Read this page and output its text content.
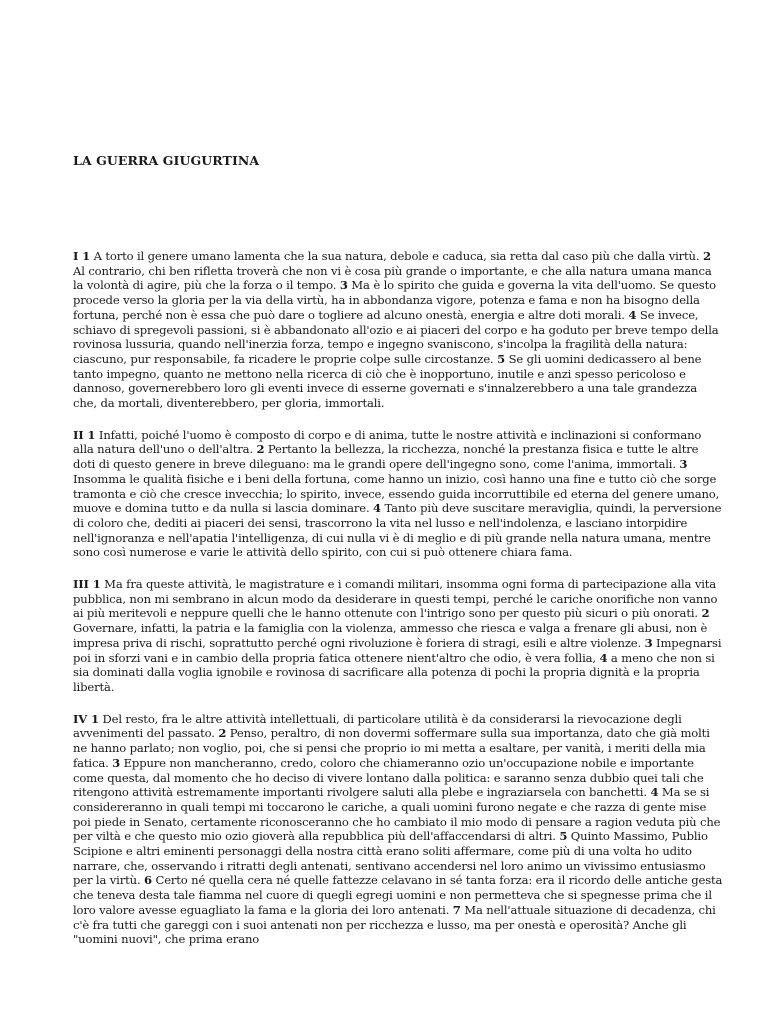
LA GUERRA GIUGURTINA

I 1 A torto il genere umano lamenta che la sua natura, debole e caduca, sia retta dal caso più che dalla virtù. 2 Al contrario, chi ben rifletta troverà che non vi è cosa più grande o importante, e che alla natura umana manca la volontà di agire, più che la forza o il tempo. 3 Ma è lo spirito che guida e governa la vita dell'uomo. Se questo procede verso la gloria per la via della virtù, ha in abbondanza vigore, potenza e fama e non ha bisogno della fortuna, perché non è essa che può dare o togliere ad alcuno onestà, energia e altre doti morali. 4 Se invece, schiavo di spregevoli passioni, si è abbandonato all'ozio e ai piaceri del corpo e ha goduto per breve tempo della rovinosa lussuria, quando nell'inerzia forza, tempo e ingegno svaniscono, s'incolpa la fragilità della natura: ciascuno, pur responsabile, fa ricadere le proprie colpe sulle circostanze. 5 Se gli uomini dedicassero al bene tanto impegno, quanto ne mettono nella ricerca di ciò che è inopportuno, inutile e anzi spesso pericoloso e dannoso, governerebbero loro gli eventi invece di esserne governati e s'innalzerebbero a una tale grandezza che, da mortali, diventerebbero, per gloria, immortali.

II 1 Infatti, poiché l'uomo è composto di corpo e di anima, tutte le nostre attività e inclinazioni si conformano alla natura dell'uno o dell'altra. 2 Pertanto la bellezza, la ricchezza, nonché la prestanza fisica e tutte le altre doti di questo genere in breve dileguano: ma le grandi opere dell'ingegno sono, come l'anima, immortali. 3 Insomma le qualità fisiche e i beni della fortuna, come hanno un inizio, così hanno una fine e tutto ciò che sorge tramonta e ciò che cresce invecchia; lo spirito, invece, essendo guida incorruttibile ed eterna del genere umano, muove e domina tutto e da nulla si lascia dominare. 4 Tanto più deve suscitare meraviglia, quindi, la perversione di coloro che, dediti ai piaceri dei sensi, trascorrono la vita nel lusso e nell'indolenza, e lasciano intorpidire nell'ignoranza e nell'apatia l'intelligenza, di cui nulla vi è di meglio e di più grande nella natura umana, mentre sono così numerose e varie le attività dello spirito, con cui si può ottenere chiara fama.

III 1 Ma fra queste attività, le magistrature e i comandi militari, insomma ogni forma di partecipazione alla vita pubblica, non mi sembrano in alcun modo da desiderare in questi tempi, perché le cariche onorifiche non vanno ai più meritevoli e neppure quelli che le hanno ottenute con l'intrigo sono per questo più sicuri o più onorati. 2 Governare, infatti, la patria e la famiglia con la violenza, ammesso che riesca e valga a frenare gli abusi, non è impresa priva di rischi, soprattutto perché ogni rivoluzione è foriera di stragi, esili e altre violenze. 3 Impegnarsi poi in sforzi vani e in cambio della propria fatica ottenere nient'altro che odio, è vera follia, 4 a meno che non si sia dominati dalla voglia ignobile e rovinosa di sacrificare alla potenza di pochi la propria dignità e la propria libertà.

IV 1 Del resto, fra le altre attività intellettuali, di particolare utilità è da considerarsi la rievocazione degli avvenimenti del passato. 2 Penso, peraltro, di non dovermi soffermare sulla sua importanza, dato che già molti ne hanno parlato; non voglio, poi, che si pensi che proprio io mi metta a esaltare, per vanità, i meriti della mia fatica. 3 Eppure non mancheranno, credo, coloro che chiameranno ozio un'occupazione nobile e importante come questa, dal momento che ho deciso di vivere lontano dalla politica: e saranno senza dubbio quei tali che ritengono attività estremamente importanti rivolgere saluti alla plebe e ingraziarsela con banchetti. 4 Ma se si considereranno in quali tempi mi toccarono le cariche, a quali uomini furono negate e che razza di gente mise poi piede in Senato, certamente riconosceranno che ho cambiato il mio modo di pensare a ragion veduta più che per viltà e che questo mio ozio gioverà alla repubblica più dell'affaccendarsi di altri. 5 Quinto Massimo, Publio Scipione e altri eminenti personaggi della nostra città erano soliti affermare, come più di una volta ho udito narrare, che, osservando i ritratti degli antenati, sentivano accendersi nel loro animo un vivissimo entusiasmo per la virtù. 6 Certo né quella cera né quelle fattezze celavano in sé tanta forza: era il ricordo delle antiche gesta che teneva desta tale fiamma nel cuore di quegli egregi uomini e non permetteva che si spegnesse prima che il loro valore avesse eguagliato la fama e la gloria dei loro antenati. 7 Ma nell'attuale situazione di decadenza, chi c'è fra tutti che gareggi con i suoi antenati non per ricchezza e lusso, ma per onestà e operosità? Anche gli "uomini nuovi", che prima erano
